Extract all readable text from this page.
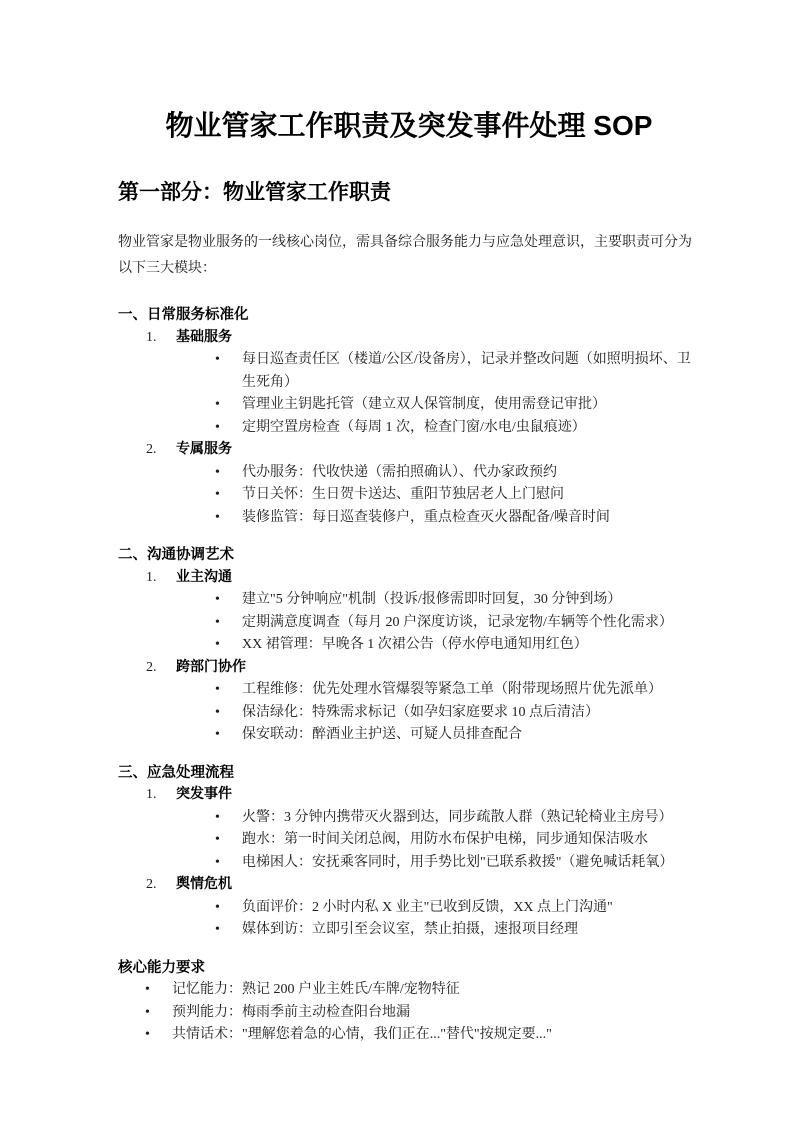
物业管家工作职责及突发事件处理 SOP
第一部分：物业管家工作职责

物业管家是物业服务的一线核心岗位，需具备综合服务能力与应急处理意识，主要职责可分为以下三大模块：

一、日常服务标准化
1.	基础服务
•	每日巡查责任区（楼道/公区/设备房），记录并整改问题（如照明损坏、卫生死角）
•	管理业主钥匙托管（建立双人保管制度，使用需登记审批）
•	定期空置房检查（每周 1 次，检查门窗/水电/虫鼠痕迹）
2.	专属服务
•	代办服务：代收快递（需拍照确认）、代办家政预约
•	节日关怀：生日贺卡送达、重阳节独居老人上门慰问
•	装修监管：每日巡查装修户，重点检查灭火器配备/噪音时间
二、沟通协调艺术
1.	业主沟通
•	建立"5 分钟响应"机制（投诉/报修需即时回复，30 分钟到场）
•	定期满意度调查（每月 20 户深度访谈，记录宠物/车辆等个性化需求）
•	XX 裙管理：早晚各 1 次裙公告（停水停电通知用红色）
2.	跨部门协作
•	工程维修：优先处理水管爆裂等紧急工单（附带现场照片优先派单）
•	保洁绿化：特殊需求标记（如孕妇家庭要求 10 点后清洁）
•	保安联动：醉酒业主护送、可疑人员排查配合
三、应急处理流程
1.	突发事件
•	火警：3 分钟内携带灭火器到达，同步疏散人群（熟记轮椅业主房号）
•	跑水：第一时间关闭总阀，用防水布保护电梯，同步通知保洁吸水
•	电梯困人：安抚乘客同时，用手势比划"已联系救援"（避免喊话耗氧）
2.	舆情危机
•	负面评价：2 小时内私 X 业主"已收到反馈，XX 点上门沟通"
•	媒体到访：立即引至会议室，禁止拍摄，速报项目经理
核心能力要求
•	记忆能力：熟记 200 户业主姓氏/车牌/宠物特征
•	预判能力：梅雨季前主动检查阳台地漏
•	共情话术："理解您着急的心情，我们正在..."替代"按规定要..."
